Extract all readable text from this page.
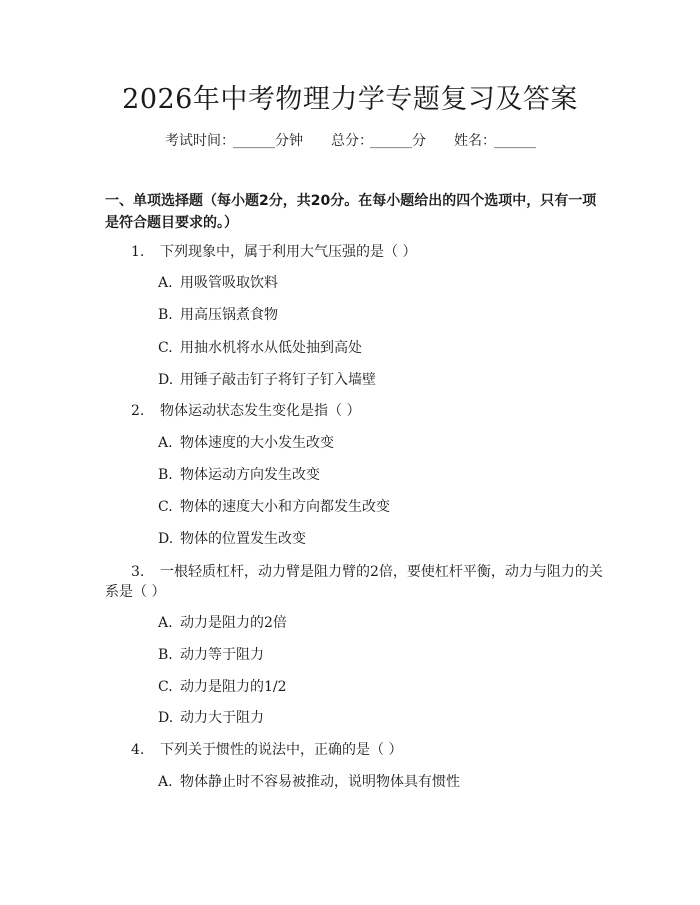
2026年中考物理力学专题复习及答案
考试时间：
______ 分钟 总分：
______ 分 姓名：
______
一、单项选择题（每小题2分，共20分。在每小题给出的四个选项中，只有一项
是符合题目要求的。）
1. 下列现象中，属于利用大气压强的是（ ）
A. 用吸管吸取饮料
B. 用高压锅煮食物
C. 用抽水机将水从低处抽到高处
D. 用锤子敲击钉子将钉子钉入墙壁
2. 物体运动状态发生变化是指（ ）
A. 物体速度的大小发生改变
B. 物体运动方向发生改变
C. 物体的速度大小和方向都发生改变
D. 物体的位置发生改变
3. 一根轻质杠杆，动力臂是阻力臂的2倍，要使杠杆平衡，动力与阻力的关
系是（ ）
A. 动力是阻力的2倍
B. 动力等于阻力
C. 动力是阻力的1/2
D. 动力大于阻力
4. 下列关于惯性的说法中，正确的是（ ）
A. 物体静止时不容易被推动，说明物体具有惯性
